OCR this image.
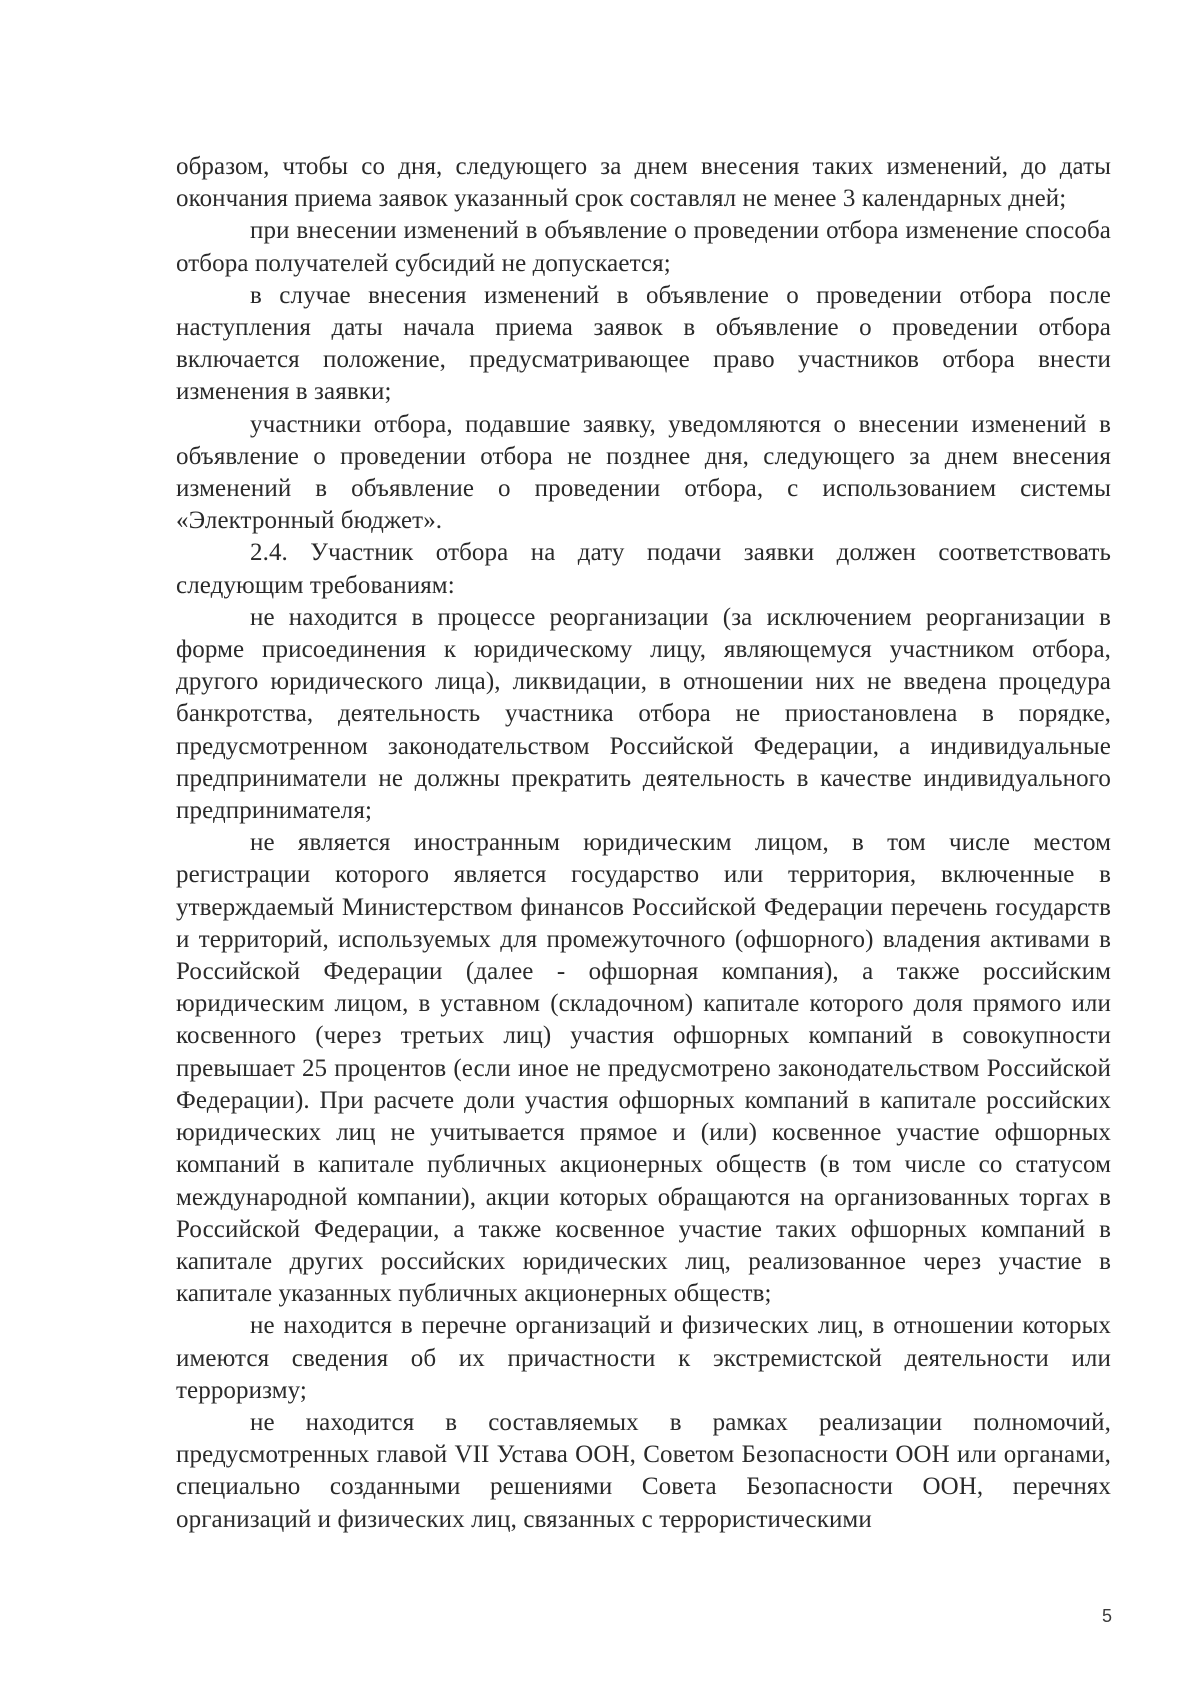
образом, чтобы со дня, следующего за днем внесения таких изменений, до даты окончания приема заявок указанный срок составлял не менее 3 календарных дней;

при внесении изменений в объявление о проведении отбора изменение способа отбора получателей субсидий не допускается;

в случае внесения изменений в объявление о проведении отбора после наступления даты начала приема заявок в объявление о проведении отбора включается положение, предусматривающее право участников отбора внести изменения в заявки;

участники отбора, подавшие заявку, уведомляются о внесении изменений в объявление о проведении отбора не позднее дня, следующего за днем внесения изменений в объявление о проведении отбора, с использованием системы «Электронный бюджет».

2.4. Участник отбора на дату подачи заявки должен соответствовать следующим требованиям:

не находится в процессе реорганизации (за исключением реорганизации в форме присоединения к юридическому лицу, являющемуся участником отбора, другого юридического лица), ликвидации, в отношении них не введена процедура банкротства, деятельность участника отбора не приостановлена в порядке, предусмотренном законодательством Российской Федерации, а индивидуальные предприниматели не должны прекратить деятельность в качестве индивидуального предпринимателя;

не является иностранным юридическим лицом, в том числе местом регистрации которого является государство или территория, включенные в утверждаемый Министерством финансов Российской Федерации перечень государств и территорий, используемых для промежуточного (офшорного) владения активами в Российской Федерации (далее - офшорная компания), а также российским юридическим лицом, в уставном (складочном) капитале которого доля прямого или косвенного (через третьих лиц) участия офшорных компаний в совокупности превышает 25 процентов (если иное не предусмотрено законодательством Российской Федерации). При расчете доли участия офшорных компаний в капитале российских юридических лиц не учитывается прямое и (или) косвенное участие офшорных компаний в капитале публичных акционерных обществ (в том числе со статусом международной компании), акции которых обращаются на организованных торгах в Российской Федерации, а также косвенное участие таких офшорных компаний в капитале других российских юридических лиц, реализованное через участие в капитале указанных публичных акционерных обществ;

не находится в перечне организаций и физических лиц, в отношении которых имеются сведения об их причастности к экстремистской деятельности или терроризму;

не находится в составляемых в рамках реализации полномочий, предусмотренных главой VII Устава ООН, Советом Безопасности ООН или органами, специально созданными решениями Совета Безопасности ООН, перечнях организаций и физических лиц, связанных с террористическими

5
